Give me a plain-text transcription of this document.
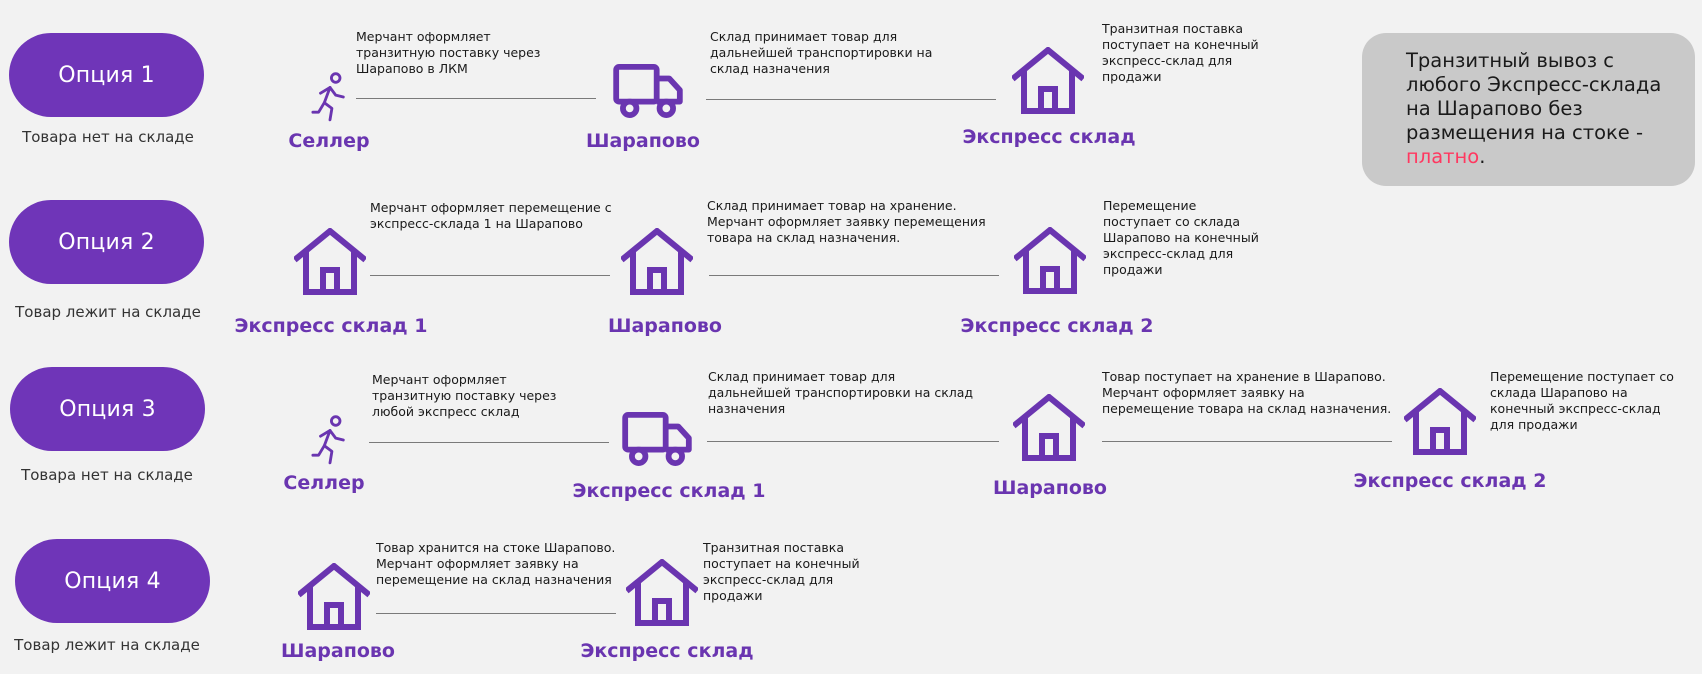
Опция 1
Товара нет на складе
Опция 2
Товар лежит на складе
Опция 3
Товара нет на складе
Опция 4
Товар лежит на складе
Мерчант оформляет транзитную поставку через Шарапово в ЛКМ
Склад принимает товар для дальнейшей транспортировки на склад назначения
Транзитная поставка поступает на конечный экспресс-склад для продажи
Селлер	Шарапово	Экспресс склад
Транзитный вывоз с любого Экспресс-склада на Шарапово без размещения на стоке - платно.
Мерчант оформляет перемещение с экспресс-склада 1 на Шарапово
Склад принимает товар на хранение. Мерчант оформляет заявку перемещения товара на склад назначения.
Перемещение поступает со склада Шарапово на конечный экспресс-склад для продажи
Экспресс склад 1	Шарапово	Экспресс склад 2
Мерчант оформляет транзитную поставку через любой экспресс склад
Склад принимает товар для дальнейшей транспортировки на склад назначения
Товар поступает на хранение в Шарапово. Мерчант оформляет заявку на перемещение товара на склад назначения.
Перемещение поступает со склада Шарапово на конечный экспресс-склад для продажи
Селлер	Экспресс склад 1	Шарапово	Экспресс склад 2
Товар хранится на стоке Шарапово. Мерчант оформляет заявку на перемещение на склад назначения
Транзитная поставка поступает на конечный экспресс-склад для продажи
Шарапово	Экспресс склад
